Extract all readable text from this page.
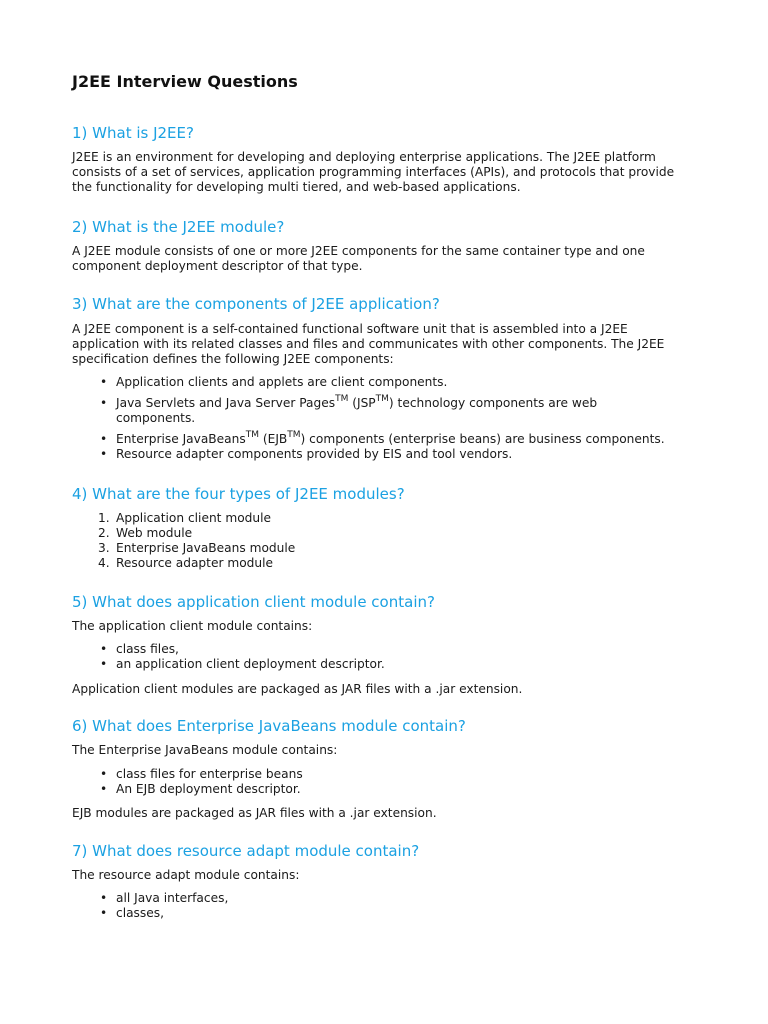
J2EE Interview Questions
1) What is J2EE?

J2EE is an environment for developing and deploying enterprise applications. The J2EE platform
consists of a set of services, application programming interfaces (APIs), and protocols that provide
the functionality for developing multi tiered, and web-based applications.

2) What is the J2EE module?

A J2EE module consists of one or more J2EE components for the same container type and one
component deployment descriptor of that type.

3) What are the components of J2EE application?

A J2EE component is a self-contained functional software unit that is assembled into a J2EE
application with its related classes and files and communicates with other components. The J2EE
specification defines the following J2EE components:

• Application clients and applets are client components.
• Java Servlets and Java Server Pages™ (JSP™) technology components are web
components.
• Enterprise JavaBeans™ (EJB™) components (enterprise beans) are business components.
• Resource adapter components provided by EIS and tool vendors.
4) What are the four types of J2EE modules?
1. Application client module
2. Web module
3. Enterprise JavaBeans module
4. Resource adapter module
5) What does application client module contain?

The application client module contains:

• class files,
• an application client deployment descriptor.

Application client modules are packaged as JAR files with a .jar extension.

6) What does Enterprise JavaBeans module contain?

The Enterprise JavaBeans module contains:

• class files for enterprise beans
• An EJB deployment descriptor.

EJB modules are packaged as JAR files with a .jar extension.

7) What does resource adapt module contain?

The resource adapt module contains:

• all Java interfaces,
• classes,
